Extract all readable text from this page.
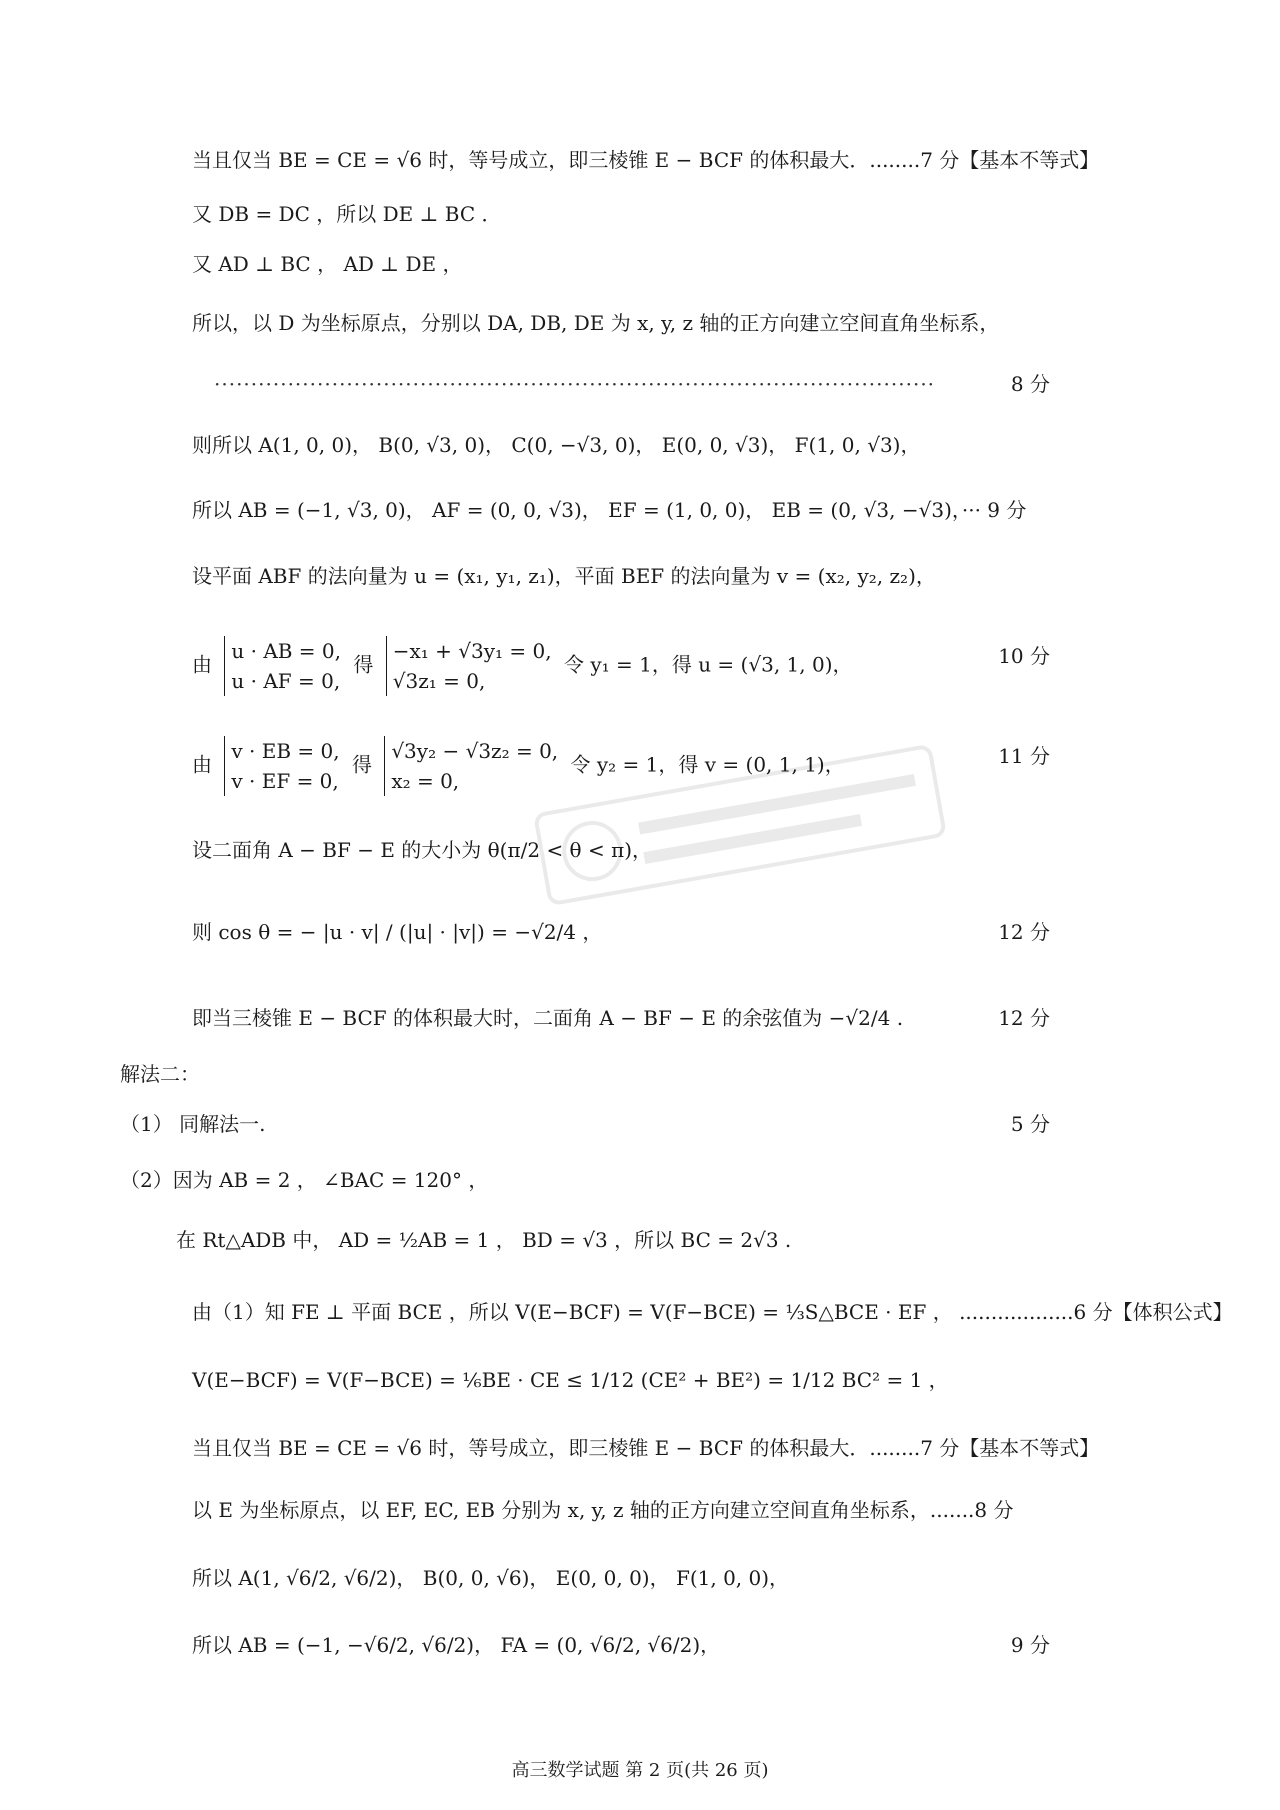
当且仅当 BE = CE = √6 时，等号成立，即三棱锥 E − BCF 的体积最大．........7 分【基本不等式】
又 DB = DC ，所以 DE ⊥ BC ．
又 AD ⊥ BC ， AD ⊥ DE ，
所以，以 D 为坐标原点，分别以 DA, DB, DE 为 x, y, z 轴的正方向建立空间直角坐标系，
··································································································	8 分
则所以 A(1, 0, 0)， B(0, √3, 0)， C(0, −√3, 0)， E(0, 0, √3)， F(1, 0, √3)，
所以 AB = (−1, √3, 0)， AF = (0, 0, √3)， EF = (1, 0, 0)， EB = (0, √3, −√3)，··· 9 分
设平面 ABF 的法向量为 u = (x₁, y₁, z₁)，平面 BEF 的法向量为 v = (x₂, y₂, z₂)，
由
u · AB = 0,
u · AF = 0,
得
−x₁ + √3y₁ = 0,
√3z₁ = 0,
令 y₁ = 1，得 u = (√3, 1, 0)，	10 分
由
v · EB = 0,
v · EF = 0,
得
√3y₂ − √3z₂ = 0,
x₂ = 0,
令 y₂ = 1，得 v = (0, 1, 1)，	11 分
设二面角 A − BF − E 的大小为 θ(π/2 < θ < π)，
则 cos θ = − |u · v| / (|u| · |v|) = −√2/4 ，	12 分
即当三棱锥 E − BCF 的体积最大时，二面角 A − BF − E 的余弦值为 −√2/4 .	12 分
解法二：
（1） 同解法一.	5 分
（2）因为 AB = 2 ， ∠BAC = 120° ，
在 Rt△ADB 中， AD = ½AB = 1 ， BD = √3 ，所以 BC = 2√3 .
由（1）知 FE ⊥ 平面 BCE ，所以 V(E−BCF) = V(F−BCE) = ⅓S△BCE · EF ， ..................6 分【体积公式】
V(E−BCF) = V(F−BCE) = ⅙BE · CE ≤ 1/12 (CE² + BE²) = 1/12 BC² = 1 ，
当且仅当 BE = CE = √6 时，等号成立，即三棱锥 E − BCF 的体积最大．........7 分【基本不等式】
以 E 为坐标原点，以 EF, EC, EB 分别为 x, y, z 轴的正方向建立空间直角坐标系，.......8 分
所以 A(1, √6/2, √6/2)， B(0, 0, √6)， E(0, 0, 0)， F(1, 0, 0)，
所以 AB = (−1, −√6/2, √6/2)， FA = (0, √6/2, √6/2)，	9 分
高三数学试题 第 2 页(共 26 页)
